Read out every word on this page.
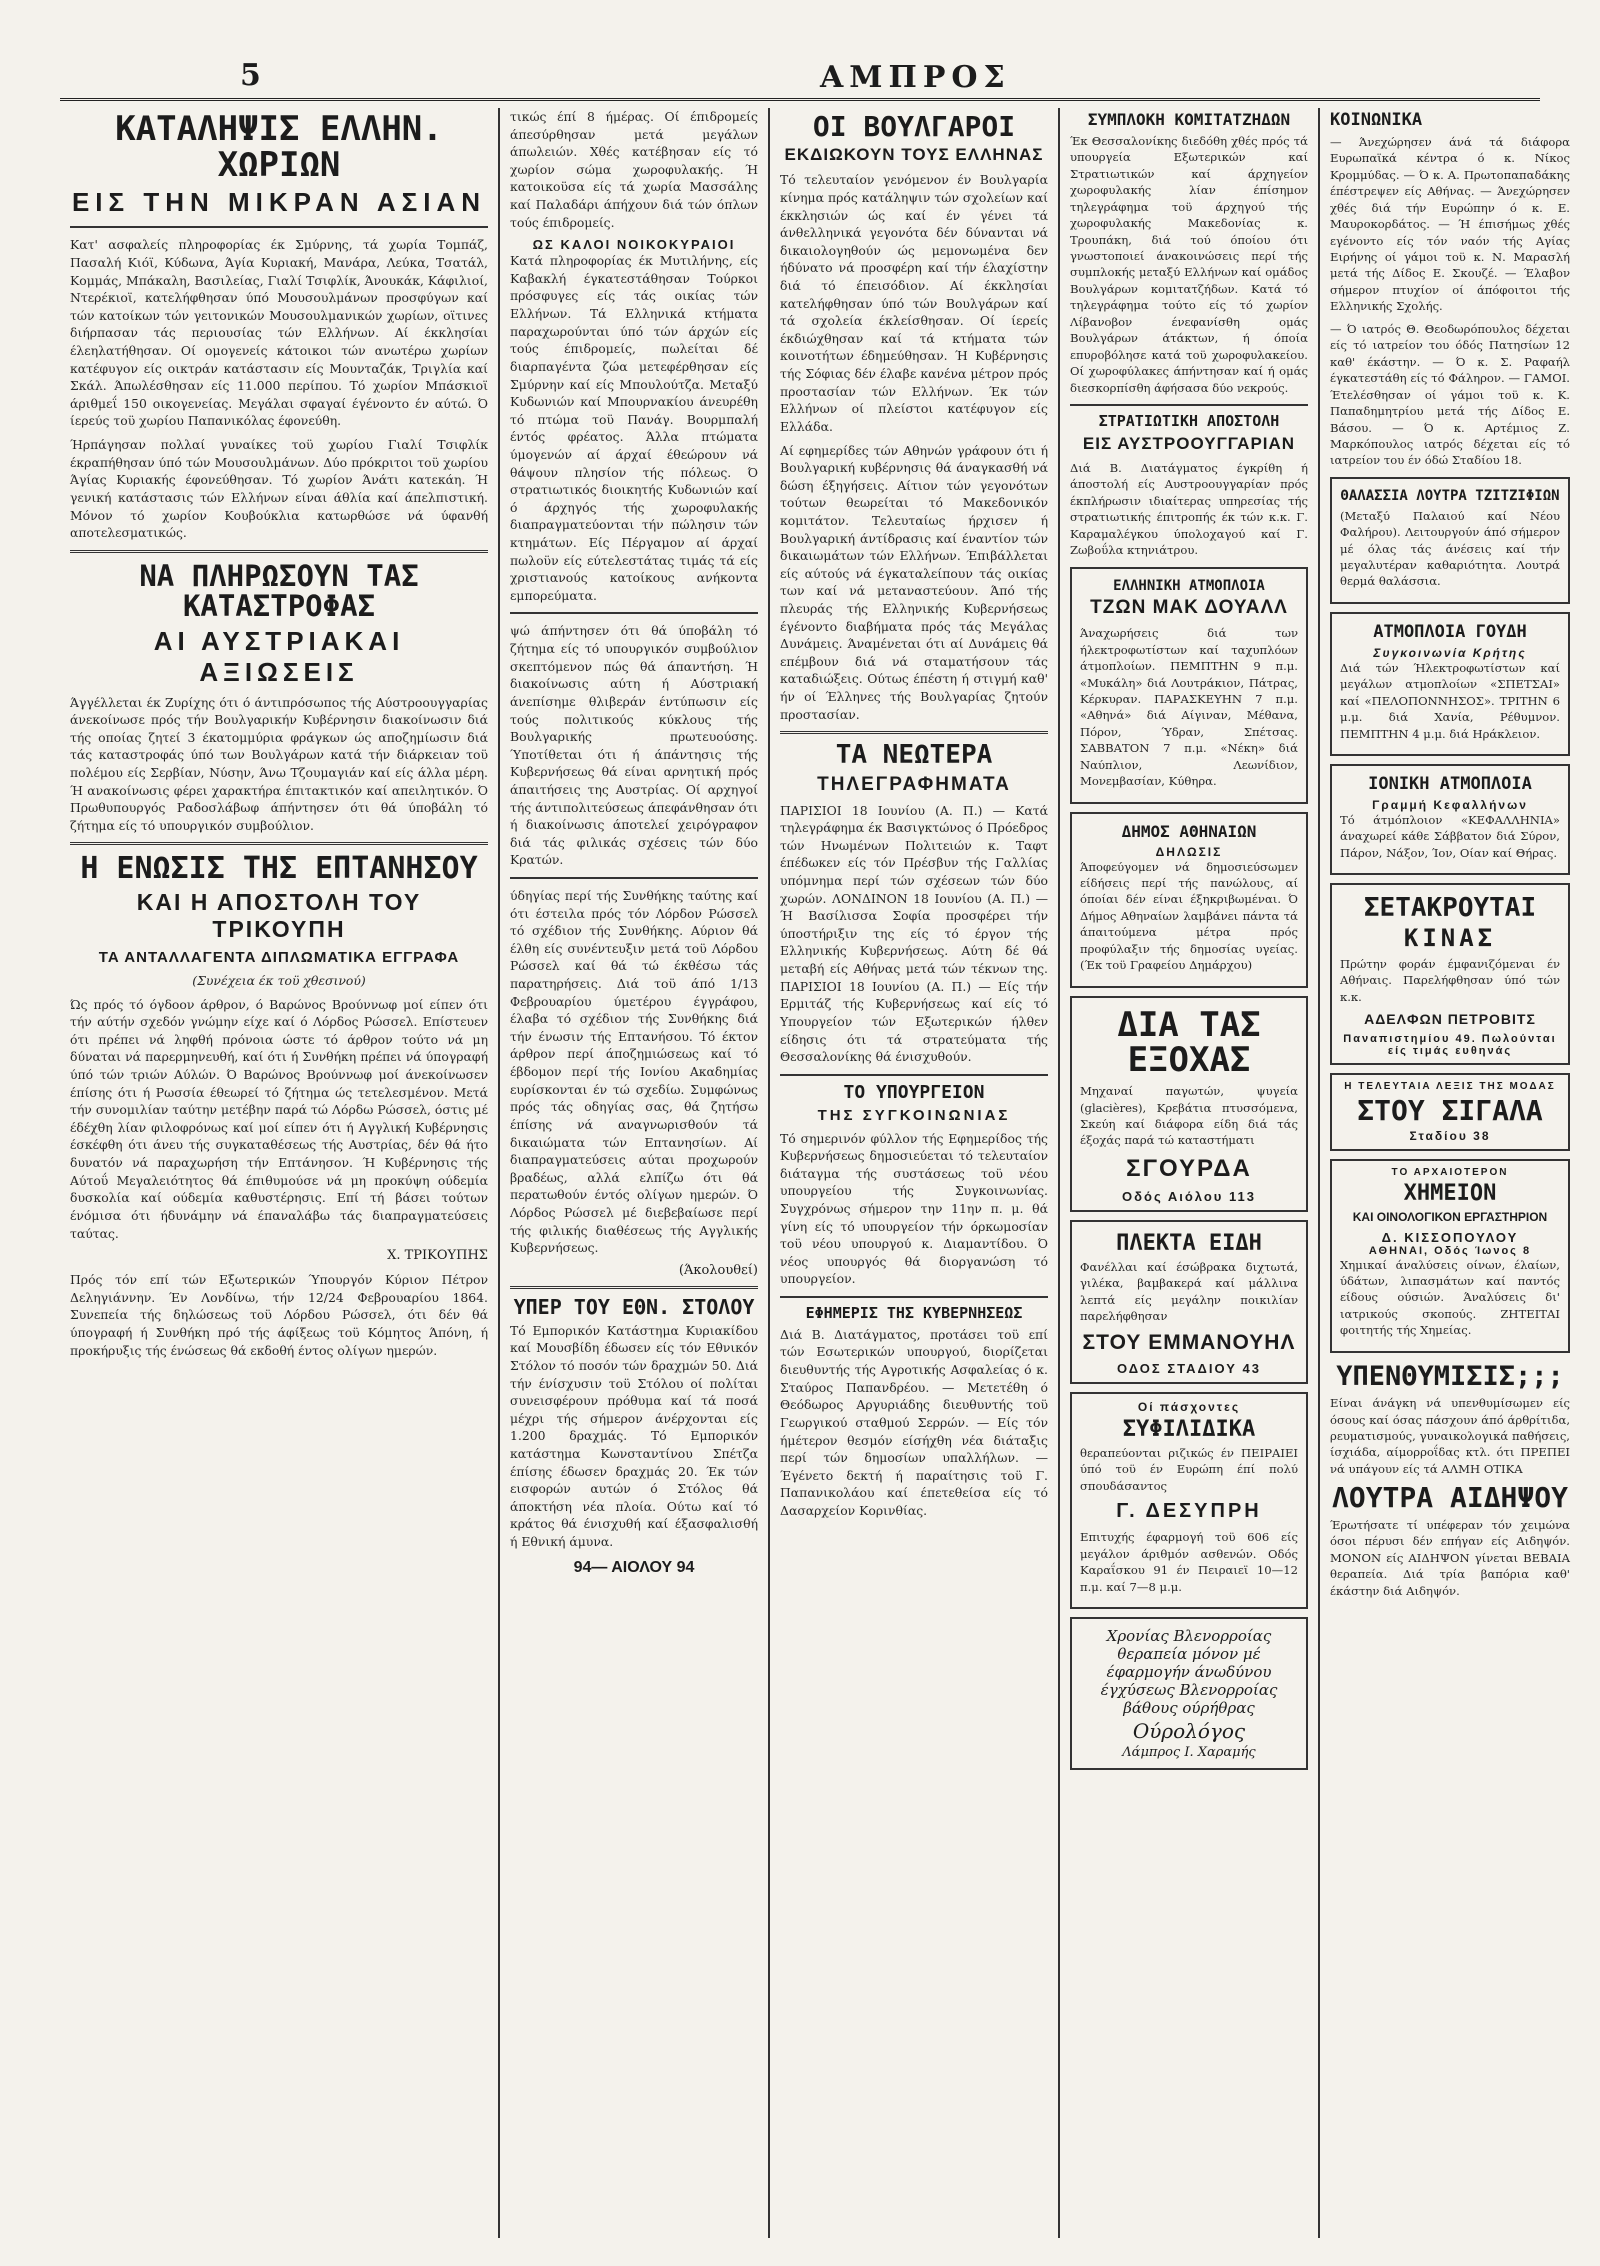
5	ΑΜΠΡΟΣ
ΚΑΤΑΛΗΨΙΣ ΕΛΛΗΝ. ΧΩΡΙΩΝ
ΕΙΣ ΤΗΝ ΜΙΚΡΑΝ ΑΣΙΑΝ

Κατ' ασφαλείς πληροφορίας έκ Σμύρνης, τά χωρία Τομπάζ, Πασαλή Κιόϊ, Κύδωνα, Άγία Κυριακή, Μανάρα, Λεύκα, Τσατάλ, Κομμάς, Μπάκαλη, Βασιλείας, Γιαλί Τσιφλίκ, Άνουκάκ, Κάφιλιοί, Ντερέκιοϊ, κατελήφθησαν ύπό Μουσουλμάνων προσφύγων καί τών κατοίκων τών γειτονικών Μουσουλμανικών χωρίων, οϊτινες διήρπασαν τάς περιουσίας τών Ελλήνων. Αί έκκλησίαι έλεηλατήθησαν. Οί ομογενείς κάτοικοι τών ανωτέρω χωρίων κατέφυγον είς οικτράν κατάστασιν είς Μουνταζάκ, Τριγλία καί Σκάλ. Άπωλέσθησαν είς 11.000 περίπου. Τό χωρίον Μπάσκιοϊ άριθμεΐ 150 οικογενείας. Μεγάλαι σφαγαί έγένοντο έν αύτώ. Ό ίερεύς τοϋ χωρίου Παπανικόλας έφονεύθη.

Ήρπάγησαν πολλαί γυναίκες τοϋ χωρίου Γιαλί Τσιφλίκ έκραπήθησαν ύπό τών Μουσουλμάνων. Δύο πρόκριτοι τοϋ χωρίου Άγίας Κυριακής έφονεύθησαν. Τό χωρίον Άνάτι κατεκάη. Ή γενική κατάστασις τών Ελλήνων είναι άθλία καί άπελπιστική. Μόνον τό χωρίον Κουβούκλια κατωρθώσε νά ύφανθή αποτελεσματικώς.

ΝΑ ΠΛΗΡΩΣΟΥΝ ΤΑΣ ΚΑΤΑΣΤΡΟΦΑΣ
ΑΙ ΑΥΣΤΡΙΑΚΑΙ ΑΞΙΩΣΕΙΣ

Άγγέλλεται έκ Ζυρίχης ότι ό άντιπρόσωπος τής Αύστροουγγαρίας άνεκοίνωσε πρός τήν Βουλγαρικήν Κυβέρνησιν διακοίνωσιν διά τής οποίας ζητεί 3 έκατομμύρια φράγκων ώς αποζημίωσιν διά τάς καταστροφάς ύπό των Βουλγάρων κατά τήν διάρκειαν τοϋ πολέμου είς Σερβίαν, Νύσην, Άνω Τζουμαγιάν καί είς άλλα μέρη. Ή ανακοίνωσις φέρει χαρακτήρα έπιτακτικόν καί απειλητικόν. Ό Πρωθυπουργός Ραδοσλάβωφ άπήντησεν ότι θά ύποβάλη τό ζήτημα είς τό υπουργικόν συμβούλιον.

Η ΕΝΩΣΙΣ ΤΗΣ ΕΠΤΑΝΗΣΟΥ
ΚΑΙ Η ΑΠΟΣΤΟΛΗ ΤΟΥ ΤΡΙΚΟΥΠΗ
ΤΑ ΑΝΤΑΛΛΑΓΕΝΤΑ ΔΙΠΛΩΜΑΤΙΚΑ ΕΓΓΡΑΦΑ

(Συνέχεια έκ τοϋ χθεσινού)

Ώς πρός τό όγδοον άρθρον, ό Βαρώνος Βρούννωφ μοί είπεν ότι τήν αύτήν σχεδόν γνώμην είχε καί ό Λόρδος Ρώσσελ. Επίστευεν ότι πρέπει νά ληφθή πρόνοια ώστε τό άρθρον τούτο νά μη δύναται νά παρερμηνευθή, καί ότι ή Συνθήκη πρέπει νά ύπογραφή ύπό τών τριών Αύλών. Ό Βαρώνος Βρούννωφ μοί άνεκοίνωσεν έπίσης ότι ή Ρωσσία έθεωρεί τό ζήτημα ώς τετελεσμένον. Μετά τήν συνομιλίαν ταύτην μετέβην παρά τώ Λόρδω Ρώσσελ, όστις μέ έδέχθη λίαν φιλοφρόνως καί μοί είπεν ότι ή Αγγλική Κυβέρνησις έσκέφθη ότι άνευ τής συγκαταθέσεως τής Αυστρίας, δέν θά ήτο δυνατόν νά παραχωρήση τήν Επτάνησον. Ή Κυβέρνησις τής Αύτοΰ Μεγαλειότητος θά έπιθυμούσε νά μη προκύψη ούδεμία δυσκολία καί ούδεμία καθυστέρησις. Επί τή βάσει τούτων ένόμισα ότι ήδυνάμην νά έπαναλάβω τάς διαπραγματεύσεις ταύτας.

Χ. ΤΡΙΚΟΥΠΗΣ

Πρός τόν επί τών Εξωτερικών Ύπουργόν Κύριον Πέτρον Δεληγιάννην. Έν Λονδίνω, τήν 12/24 Φεβρουαρίου 1864. Συνεπεία τής δηλώσεως τοϋ Λόρδου Ρώσσελ, ότι δέν θά ύπογραφή ή Συνθήκη πρό τής άφίξεως τοϋ Κόμητος Άπόνη, ή προκήρυξις τής ένώσεως θά εκδοθή έντος ολίγων ημερών.

τικώς έπί 8 ήμέρας. Οί έπιδρομείς άπεσύρθησαν μετά μεγάλων άπωλειών. Χθές κατέβησαν είς τό χωρίον σώμα χωροφυλακής. Ή κατοικοϋσα είς τά χωρία Μασσάλης καί Παλαδάρι άπήχουν διά τών όπλων τούς έπιδρομείς.

ΩΣ ΚΑΛΟΙ ΝΟΙΚΟΚΥΡΑΙΟΙ

Κατά πληροφορίας έκ Μυτιλήνης, είς Καβακλή έγκατεστάθησαν Τούρκοι πρόσφυγες είς τάς οικίας τών Ελλήνων. Τά Ελληνικά κτήματα παραχωρούνται ύπό τών άρχών είς τούς έπιδρομείς, πωλείται δέ διαρπαγέντα ζώα μετεφέρθησαν είς Σμύρνην καί είς Μπουλούτζα. Μεταξύ Κυδωνιών καί Μπουρνακίου άνευρέθη τό πτώμα τοϋ Πανάγ. Βουρμπαλή έντός φρέατος. Άλλα πτώματα ύμογενών αί άρχαί έθεώρουν νά θάψουν πλησίον τής πόλεως. Ό στρατιωτικός διοικητής Κυδωνιών καί ό άρχηγός τής χωροφυλακής διαπραγματεύονται τήν πώλησιν τών κτημάτων. Είς Πέργαμον αί άρχαί πωλοϋν είς εύτελεστάτας τιμάς τά είς χριστιανούς κατοίκους ανήκοντα εμπορεύματα.

ψώ άπήντησεν ότι θά ύποβάλη τό ζήτημα είς τό υπουργικόν συμβούλιον σκεπτόμενον πώς θά άπαντήση. Ή διακοίνωσις αύτη ή Αύστριακή άνεπίσημε θλιβεράν έντύπωσιν είς τούς πολιτικούς κύκλους τής Βουλγαρικής πρωτευούσης. Ύποτίθεται ότι ή άπάντησις τής Κυβερνήσεως θά είναι αρνητική πρός άπαιτήσεις της Αυστρίας. Οί αρχηγοί τής άντιπολιτεύσεως άπεφάνθησαν ότι ή διακοίνωσις άποτελεί χειρόγραφον διά τάς φιλικάς σχέσεις τών δύο Κρατών.

ύδηγίας περί τής Συνθήκης ταύτης καί ότι έστειλα πρός τόν Λόρδον Ρώσσελ τό σχέδιον τής Συνθήκης. Αύριον θά έλθη είς συνέντευξιν μετά τοϋ Λόρδου Ρώσσελ καί θά τώ έκθέσω τάς παρατηρήσεις. Διά τοϋ άπό 1/13 Φεβρουαρίου ύμετέρου έγγράφου, έλαβα τό σχέδιον τής Συνθήκης διά τήν ένωσιν τής Επτανήσου. Τό έκτον άρθρον περί άποζημιώσεως καί τό έβδομον περί τής Ιονίου Ακαδημίας ευρίσκονται έν τώ σχεδίω. Συμφώνως πρός τάς οδηγίας σας, θά ζητήσω έπίσης νά αναγνωρισθούν τά δικαιώματα τών Επτανησίων. Αί διαπραγματεύσεις αύται προχωρούν βραδέως, αλλά ελπίζω ότι θά περατωθούν έντός ολίγων ημερών. Ό Λόρδος Ρώσσελ μέ διεβεβαίωσε περί τής φιλικής διαθέσεως τής Αγγλικής Κυβερνήσεως.

(Άκολουθεί)

ΥΠΕΡ ΤΟΥ ΕΘΝ. ΣΤΟΛΟΥ

Τό Εμπορικόν Κατάστημα Κυριακίδου καί Μουσβίδη έδωσεν είς τόν Εθνικόν Στόλον τό ποσόν τών δραχμών 50. Διά τήν ένίσχυσιν τοϋ Στόλου οί πολίται συνεισφέρουν πρόθυμα καί τά ποσά μέχρι τής σήμερον άνέρχονται είς 1.200 δραχμάς. Τό Εμπορικόν κατάστημα Κωνσταντίνου Σπέτζα έπίσης έδωσεν δραχμάς 20. Έκ τών εισφορών αυτών ό Στόλος θά άποκτήση νέα πλοία. Ούτω καί τό κράτος θά ένισχυθή καί έξασφαλισθή ή Εθνική άμυνα.

94— ΑΙΟΛΟΥ 94
ΟΙ ΒΟΥΛΓΑΡΟΙ
ΕΚΔΙΩΚΟΥΝ ΤΟΥΣ ΕΛΛΗΝΑΣ

Τό τελευταίον γενόμενον έν Βουλγαρία κίνημα πρός κατάληψιν τών σχολείων καί έκκλησιών ώς καί έν γένει τά άνθελληνικά γεγονότα δέν δύνανται νά δικαιολογηθούν ώς μεμονωμένα δεν ήδύνατο νά προσφέρη καί τήν έλαχίστην διά τό έπεισόδιον. Αί έκκλησίαι κατελήφθησαν ύπό τών Βουλγάρων καί τά σχολεία έκλείσθησαν. Οί ίερείς έκδιώχθησαν καί τά κτήματα τών κοινοτήτων έδημεύθησαν. Ή Κυβέρνησις τής Σόφιας δέν έλαβε κανένα μέτρον πρός προστασίαν τών Ελλήνων. Έκ τών Ελλήνων οί πλείστοι κατέφυγον είς Ελλάδα.

Αί εφημερίδες τών Αθηνών γράφουν ότι ή Βουλγαρική κυβέρνησις θά άναγκασθή νά δώση έξηγήσεις. Αίτιον τών γεγονότων τούτων θεωρείται τό Μακεδονικόν κομιτάτον. Τελευταίως ήρχισεν ή Βουλγαρική άντίδρασις καί έναντίον τών δικαιωμάτων τών Ελλήνων. Έπιβάλλεται είς αύτούς νά έγκαταλείπουν τάς οικίας των καί νά μεταναστεύουν. Άπό τής πλευράς τής Ελληνικής Κυβερνήσεως έγένοντο διαβήματα πρός τάς Μεγάλας Δυνάμεις. Άναμένεται ότι αί Δυνάμεις θά επέμβουν διά νά σταματήσουν τάς καταδιώξεις. Ούτως έπέστη ή στιγμή καθ' ήν οί Έλληνες τής Βουλγαρίας ζητούν προστασίαν.

ΤΑ ΝΕΩΤΕΡΑ
ΤΗΛΕΓΡΑΦΗΜΑΤΑ

ΠΑΡΙΣΙΟΙ 18 Ιουνίου (Α. Π.) — Κατά τηλεγράφημα έκ Βασιγκτώνος ό Πρόεδρος τών Ηνωμένων Πολιτειών κ. Ταφτ έπέδωκεν είς τόν Πρέσβυν τής Γαλλίας υπόμνημα περί τών σχέσεων τών δύο χωρών. ΛΟΝΔΙΝΟΝ 18 Ιουνίου (Α. Π.) — Ή Βασίλισσα Σοφία προσφέρει τήν ύποστήριξιν της είς τό έργον τής Ελληνικής Κυβερνήσεως. Αύτη δέ θά μεταβή είς Αθήνας μετά τών τέκνων της. ΠΑΡΙΣΙΟΙ 18 Ιουνίου (Α. Π.) — Είς τήν Ερμιτάζ τής Κυβερνήσεως καί είς τό Υπουργείον τών Εξωτερικών ήλθεν είδησις ότι τά στρατεύματα τής Θεσσαλονίκης θά ένισχυθούν.

ΤΟ ΥΠΟΥΡΓΕΙΟΝ
ΤΗΣ ΣΥΓΚΟΙΝΩΝΙΑΣ

Τό σημερινόν φύλλον τής Εφημερίδος τής Κυβερνήσεως δημοσιεύεται τό τελευταίον διάταγμα τής συστάσεως τοϋ νέου υπουργείου τής Συγκοινωνίας. Συγχρόνως σήμερον την 11ην π. μ. θά γίνη είς τό υπουργείον τήν όρκωμοσίαν τοϋ νέου υπουργού κ. Διαμαντίδου. Ό νέος υπουργός θά διοργανώση τό υπουργείον.

ΕΦΗΜΕΡΙΣ ΤΗΣ ΚΥΒΕΡΝΗΣΕΩΣ

Διά Β. Διατάγματος, προτάσει τοϋ επί τών Εσωτερικών υπουργού, διορίζεται διευθυντής τής Αγροτικής Ασφαλείας ό κ. Σταύρος Παπανδρέου. — Μετετέθη ό Θεόδωρος Αργυριάδης διευθυντής τοϋ Γεωργικού σταθμού Σερρών. — Είς τόν ήμέτερον θεσμόν είσήχθη νέα διάταξις περί τών δημοσίων υπαλλήλων. — Έγένετο δεκτή ή παραίτησις τοϋ Γ. Παπανικολάου καί έπετεθείσα είς τό Δασαρχείον Κορινθίας.

ΣΥΜΠΛΟΚΗ ΚΟΜΙΤΑΤΖΗΔΩΝ

Έκ Θεσσαλονίκης διεδόθη χθές πρός τά υπουργεία Εξωτερικών καί Στρατιωτικών καί άρχηγείον χωροφυλακής λίαν έπίσημον τηλεγράφημα τοϋ άρχηγού τής χωροφυλακής Μακεδονίας κ. Τρουπάκη, διά τού όποίου ότι γνωστοποιεί άνακοινώσεις περί τής συμπλοκής μεταξύ Ελλήνων καί ομάδος Βουλγάρων κομιτατζήδων. Κατά τό τηλεγράφημα τούτο είς τό χωρίον Λίβανοβον ένεφανίσθη ομάς Βουλγάρων άτάκτων, ή όποία επυροβόλησε κατά τοϋ χωροφυλακείου. Οί χωροφύλακες άπήντησαν καί ή ομάς διεσκορπίσθη άφήσασα δύο νεκρούς.

ΣΤΡΑΤΙΩΤΙΚΗ ΑΠΟΣΤΟΛΗ
ΕΙΣ ΑΥΣΤΡΟΟΥΓΓΑΡΙΑΝ

Διά Β. Διατάγματος έγκρίθη ή άποστολή είς Αυστροουγγαρίαν πρός έκπλήρωσιν ιδιαίτερας υπηρεσίας τής στρατιωτικής έπιτροπής έκ τών κ.κ. Γ. Καραμαλέγκου ύπολοχαγού καί Γ. Ζωβοΰλα κτηνιάτρου.

ΕΛΛΗΝΙΚΗ ΑΤΜΟΠΛΟΙΑ
ΤΖΩΝ ΜΑΚ ΔΟΥΑΛΛ

Άναχωρήσεις διά των ήλεκτροφωτίστων καί ταχυπλόων άτμοπλοίων. ΠΕΜΠΤΗΝ 9 π.μ. «Μυκάλη» διά Λουτράκιον, Πάτρας, Κέρκυραν. ΠΑΡΑΣΚΕΥΗΝ 7 π.μ. «Αθηνά» διά Αίγιναν, Μέθανα, Πόρον, Ύδραν, Σπέτσας. ΣΑΒΒΑΤΟΝ 7 π.μ. «Νέκη» διά Ναύπλιον, Λεωνίδιον, Μονεμβασίαν, Κύθηρα.

ΔΗΜΟΣ ΑΘΗΝΑΙΩΝ
ΔΗΛΩΣΙΣ

Άποφεύγομεν νά δημοσιεύσωμεν είδήσεις περί τής πανώλους, αί όποίαι δέν είναι έξηκριβωμέναι. Ό Δήμος Αθηναίων λαμβάνει πάντα τά άπαιτούμενα μέτρα πρός προφύλαξιν τής δημοσίας υγείας. (Έκ τοϋ Γραφείου Δημάρχου)

ΔΙΑ ΤΑΣ ΕΞΟΧΑΣ

Μηχαναί παγωτών, ψυγεία (glacières), Κρεβάτια πτυσσόμενα, Σκεύη καί διάφορα είδη διά τάς έξοχάς παρά τώ καταστήματι

ΣΓΟΥΡΔΑ
Οδός Αιόλου 113
ΠΛΕΚΤΑ ΕΙΔΗ

Φανέλλαι καί έσώβρακα διχτωτά, γιλέκα, βαμβακερά καί μάλλινα λεπτά είς μεγάλην ποικιλίαν παρελήφθησαν

ΣΤΟΥ ΕΜΜΑΝΟΥΗΛ
ΟΔΟΣ ΣΤΑΔΙΟΥ 43
Οί πάσχοντες
ΣΥΦΙΛΙΔΙΚΑ

θεραπεύονται ριζικώς έν ΠΕΙΡΑΙΕΙ ύπό τοϋ έν Ευρώπη έπί πολύ σπουδάσαντος

Γ. ΔΕΣΥΠΡΗ

Επιτυχής έφαρμογή τοϋ 606 είς μεγάλον άριθμόν ασθενών. Οδός Καραΐσκου 91 έν Πειραιεϊ 10—12 π.μ. καί 7—8 μ.μ.

Χρονίας Βλενορροίας θεραπεία μόνον μέ έφαρμογήν άνωδύνου έγχύσεως Βλενορροίας βάθους ούρήθρας

Ούρολόγος

Λάμπρος Ι. Χαραμής

ΚΟΙΝΩΝΙΚΑ

— Άνεχώρησεν άνά τά διάφορα Ευρωπαϊκά κέντρα ό κ. Νίκος Κρομμύδας. — Ό κ. Α. Πρωτοπαπαδάκης έπέστρεψεν είς Αθήνας. — Άνεχώρησεν χθές διά τήν Ευρώπην ό κ. Ε. Μαυροκορδάτος. — Ή έπισήμως χθές εγένοντο είς τόν ναόν τής Αγίας Ειρήνης οί γάμοι τοϋ κ. Ν. Μαρασλή μετά τής Δίδος Ε. Σκουζέ. — Έλαβον σήμερον πτυχίον οί άπόφοιτοι τής Ελληνικής Σχολής.

— Ό ιατρός Θ. Θεοδωρόπουλος δέχεται είς τό ιατρείον του όδός Πατησίων 12 καθ' έκάστην. — Ό κ. Σ. Ραφαήλ έγκατεστάθη είς τό Φάληρον. — ΓΑΜΟΙ. Έτελέσθησαν οί γάμοι τοϋ κ. Κ. Παπαδημητρίου μετά τής Δίδος Ε. Βάσου. — Ό κ. Αρτέμιος Ζ. Μαρκόπουλος ιατρός δέχεται είς τό ιατρείον του έν όδώ Σταδίου 18.

ΘΑΛΑΣΣΙΑ ΛΟΥΤΡΑ ΤΖΙΤΖΙΦΙΩΝ

(Μεταξύ Παλαιού καί Νέου Φαλήρου). Λειτουργούν άπό σήμερον μέ όλας τάς άνέσεις καί τήν μεγαλυτέραν καθαριότητα. Λουτρά θερμά θαλάσσια.

ΑΤΜΟΠΛΟΙΑ ΓΟΥΔΗ
Συγκοινωνία Κρήτης

Διά τών Ήλεκτροφωτίστων καί μεγάλων ατμοπλοίων «ΣΠΕΤΣΑΙ» καί «ΠΕΛΟΠΟΝΝΗΣΟΣ». ΤΡΙΤΗΝ 6 μ.μ. διά Χανία, Ρέθυμνον. ΠΕΜΠΤΗΝ 4 μ.μ. διά Ηράκλειον.

ΙΟΝΙΚΗ ΑΤΜΟΠΛΟΙΑ
Γραμμή Κεφαλλήνων

Τό άτμόπλοιον «ΚΕΦΑΛΛΗΝΙΑ» άναχωρεί κάθε Σάββατον διά Σύρον, Πάρον, Νάξον, Ίον, Οίαν καί Θήρας.

ΣΕΤΑΚΡΟΥΤΑΙ
ΚΙΝΑΣ

Πρώτην φοράν έμφανιζόμεναι έν Αθήναις. Παρελήφθησαν ύπό τών κ.κ.

ΑΔΕΛΦΩΝ ΠΕΤΡΟΒΙΤΣ
Παναπιστημίου 49. Πωλούνται είς τιμάς ευθηνάς
Η ΤΕΛΕΥΤΑΙΑ ΛΕΞΙΣ ΤΗΣ ΜΟΔΑΣ
ΣΤΟΥ ΣΙΓΑΛΑ
Σταδίου 38
ΤΟ ΑΡΧΑΙΟΤΕΡΟΝ
ΧΗΜΕΙΟΝ
ΚΑΙ ΟΙΝΟΛΟΓΙΚΟΝ ΕΡΓΑΣΤΗΡΙΟΝ
Δ. ΚΙΣΣΟΠΟΥΛΟΥ
ΑΘΗΝΑΙ, Οδός Ίωνος 8

Χημικαί άναλύσεις οίνων, έλαίων, ύδάτων, λιπασμάτων καί παντός είδους ούσιών. Άναλύσεις δι' ιατρικούς σκοπούς. ΖΗΤΕΙΤΑΙ φοιτητής τής Χημείας.

ΥΠΕΝΘΥΜΙΣΙΣ;;;

Είναι άνάγκη νά υπενθυμίσωμεν είς όσους καί όσας πάσχουν άπό άρθρίτιδα, ρευματισμούς, γυναικολογικά παθήσεις, ίσχιάδα, αίμορροΐδας κτλ. ότι ΠΡΕΠΕΙ νά υπάγουν είς τά ΑΛΜΗ ΟΤΙΚΑ

ΛΟΥΤΡΑ ΑΙΔΗΨΟΥ

Έρωτήσατε τί υπέφεραν τόν χειμώνα όσοι πέρυσι δέν επήγαν είς Αιδηψόν. ΜΟΝΟΝ είς ΑΙΔΗΨΟΝ γίνεται ΒΕΒΑΙΑ θεραπεία. Διά τρία βαπόρια καθ' έκάστην διά Αιδηψόν.
